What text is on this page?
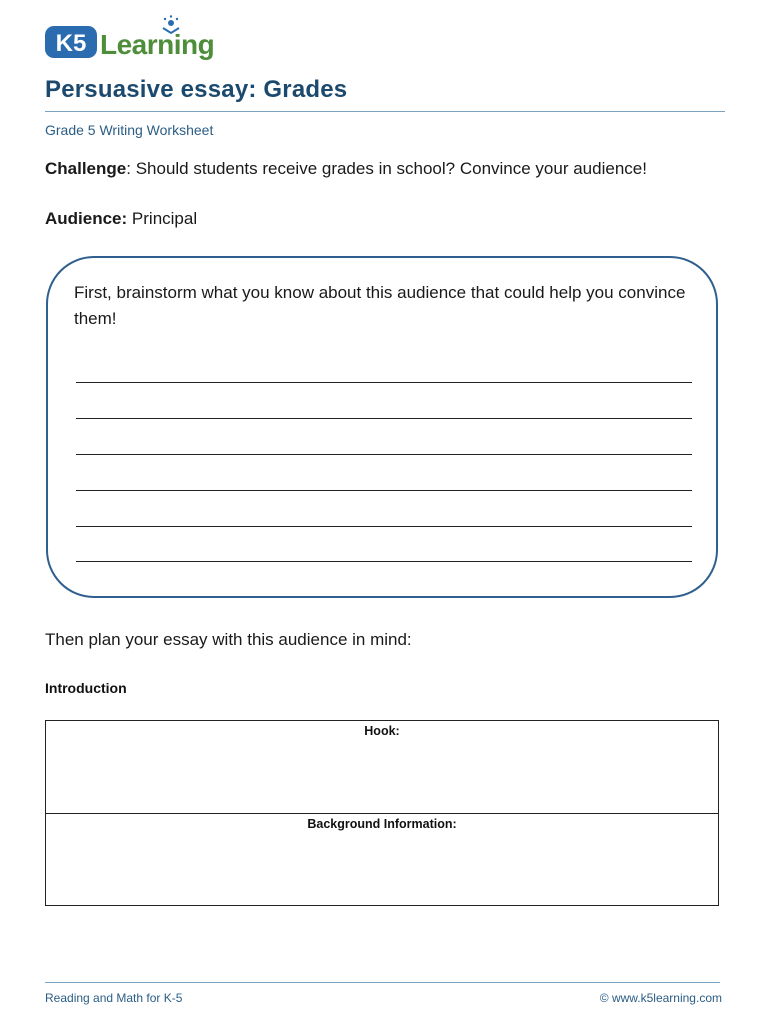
K5 Learning
Persuasive essay: Grades
Grade 5 Writing Worksheet
Challenge: Should students receive grades in school? Convince your audience!
Audience: Principal
First, brainstorm what you know about this audience that could help you convince them!
Then plan your essay with this audience in mind:
Introduction
Hook:
Background Information:
Reading and Math for K-5	© www.k5learning.com
